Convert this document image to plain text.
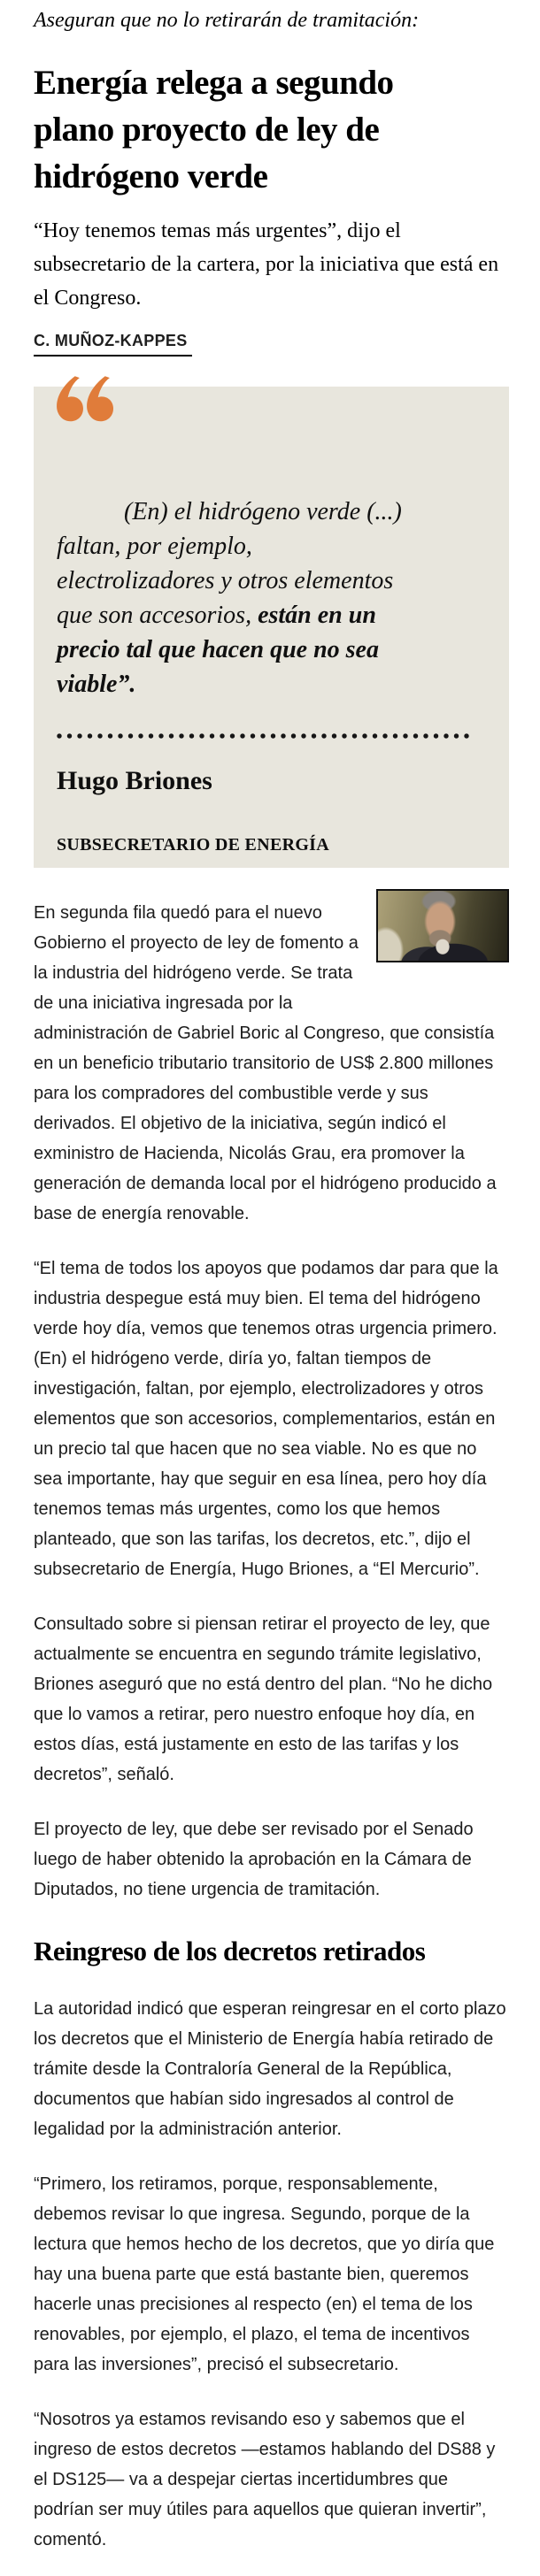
Aseguran que no lo retirarán de tramitación:

Energía relega a segundo
plano proyecto de ley de
hidrógeno verde

“Hoy tenemos temas más urgentes”, dijo el subsecretario de la cartera, por la iniciativa que está en el Congreso.

C. MUÑOZ-KAPPES
(En) el hidrógeno verde (...)
faltan, por ejemplo,
electrolizadores y otros elementos
que son accesorios, están en un
precio tal que hacen que no sea
viable”.
Hugo Briones
SUBSECRETARIO DE ENERGÍA

En segunda fila quedó para el nuevo Gobierno el proyecto de ley de fomento a la industria del hidrógeno verde. Se trata de una iniciativa ingresada por la administración de Gabriel Boric al Congreso, que consistía en un beneficio tributario transitorio de US$ 2.800 millones para los compradores del combustible verde y sus derivados. El objetivo de la iniciativa, según indicó el exministro de Hacienda, Nicolás Grau, era promover la generación de demanda local por el hidrógeno producido a base de energía renovable.

“El tema de todos los apoyos que podamos dar para que la industria despegue está muy bien. El tema del hidrógeno verde hoy día, vemos que tenemos otras urgencia primero. (En) el hidrógeno verde, diría yo, faltan tiempos de investigación, faltan, por ejemplo, electrolizadores y otros elementos que son accesorios, complementarios, están en un precio tal que hacen que no sea viable. No es que no sea importante, hay que seguir en esa línea, pero hoy día tenemos temas más urgentes, como los que hemos planteado, que son las tarifas, los decretos, etc.”, dijo el subsecretario de Energía, Hugo Briones, a “El Mercurio”.

Consultado sobre si piensan retirar el proyecto de ley, que actualmente se encuentra en segundo trámite legislativo, Briones aseguró que no está dentro del plan. “No he dicho que lo vamos a retirar, pero nuestro enfoque hoy día, en estos días, está justamente en esto de las tarifas y los decretos”, señaló.

El proyecto de ley, que debe ser revisado por el Senado luego de haber obtenido la aprobación en la Cámara de Diputados, no tiene urgencia de tramitación.

Reingreso de los decretos retirados

La autoridad indicó que esperan reingresar en el corto plazo los decretos que el Ministerio de Energía había retirado de trámite desde la Contraloría General de la República, documentos que habían sido ingresados al control de legalidad por la administración anterior.

“Primero, los retiramos, porque, responsablemente, debemos revisar lo que ingresa. Segundo, porque de la lectura que hemos hecho de los decretos, que yo diría que hay una buena parte que está bastante bien, queremos hacerle unas precisiones al respecto (en) el tema de los renovables, por ejemplo, el plazo, el tema de incentivos para las inversiones”, precisó el subsecretario.

“Nosotros ya estamos revisando eso y sabemos que el ingreso de estos decretos —estamos hablando del DS88 y el DS125— va a despejar ciertas incertidumbres que podrían ser muy útiles para aquellos que quieran invertir”, comentó.
